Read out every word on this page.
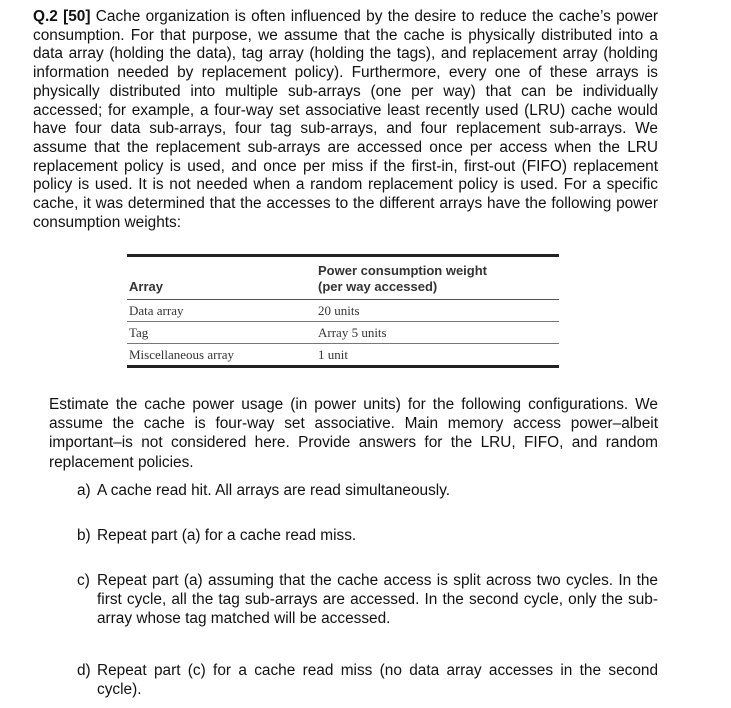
Q.2 [50] Cache organization is often influenced by the desire to reduce the cache’s power consumption. For that purpose, we assume that the cache is physically distributed into a data array (holding the data), tag array (holding the tags), and replacement array (holding information needed by replacement policy). Furthermore, every one of these arrays is physically distributed into multiple sub-arrays (one per way) that can be individually accessed; for example, a four-way set associative least recently used (LRU) cache would have four data sub-arrays, four tag sub-arrays, and four replacement sub-arrays. We assume that the replacement sub-arrays are accessed once per access when the LRU replacement policy is used, and once per miss if the first-in, first-out (FIFO) replacement policy is used. It is not needed when a random replacement policy is used. For a specific cache, it was determined that the accesses to the different arrays have the following power consumption weights:

Array	Power consumption weight
(per way accessed)
Data array	20 units
Tag	Array 5 units
Miscellaneous array	1 unit

Estimate the cache power usage (in power units) for the following configurations. We assume the cache is four-way set associative. Main memory access power–albeit important–is not considered here. Provide answers for the LRU, FIFO, and random replacement policies.

a) A cache read hit. All arrays are read simultaneously.
b) Repeat part (a) for a cache read miss.
c) Repeat part (a) assuming that the cache access is split across two cycles. In the first cycle, all the tag sub-arrays are accessed. In the second cycle, only the sub-array whose tag matched will be accessed.
d) Repeat part (c) for a cache read miss (no data array accesses in the second cycle).
